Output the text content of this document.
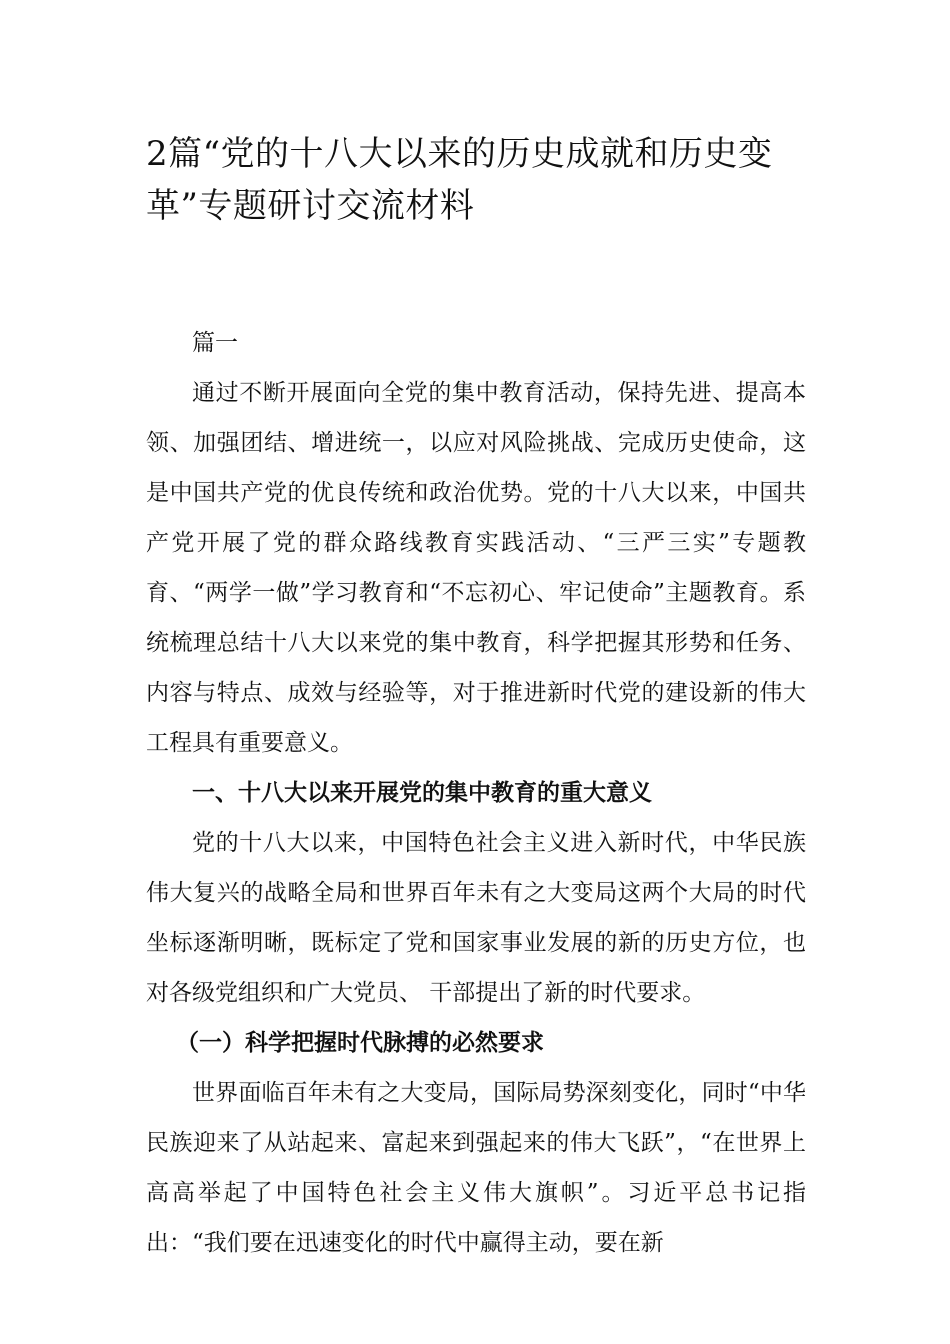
2篇“党的十八大以来的历史成就和历史变革”专题研讨交流材料

篇一

通过不断开展面向全党的集中教育活动，保持先进、提高本领、加强团结、增进统一，以应对风险挑战、完成历史使命，这是中国共产党的优良传统和政治优势。党的十八大以来，中国共产党开展了党的群众路线教育实践活动、“三严三实”专题教育、“两学一做”学习教育和“不忘初心、牢记使命”主题教育。系统梳理总结十八大以来党的集中教育，科学把握其形势和任务、内容与特点、成效与经验等，对于推进新时代党的建设新的伟大工程具有重要意义。

一、十八大以来开展党的集中教育的重大意义

党的十八大以来，中国特色社会主义进入新时代，中华民族伟大复兴的战略全局和世界百年未有之大变局这两个大局的时代坐标逐渐明晰，既标定了党和国家事业发展的新的历史方位，也对各级党组织和广大党员、 干部提出了新的时代要求。

（一）科学把握时代脉搏的必然要求

世界面临百年未有之大变局，国际局势深刻变化，同时“中华民族迎来了从站起来、富起来到强起来的伟大飞跃”，“在世界上高高举起了中国特色社会主义伟大旗帜”。习近平总书记指出：“我们要在迅速变化的时代中赢得主动，要在新
